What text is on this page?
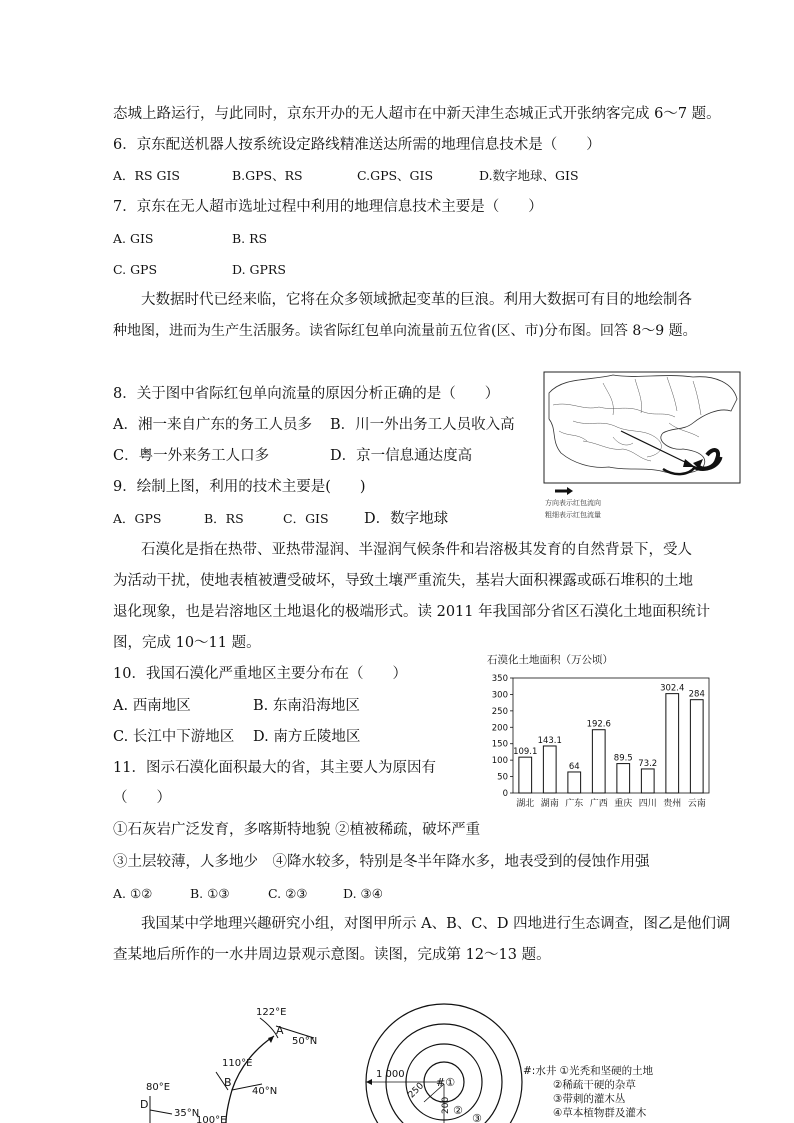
态城上路运行，与此同时，京东开办的无人超市在中新天津生态城正式开张纳客完成 6～7 题。
6．京东配送机器人按系统设定路线精准送达所需的地理信息技术是（　　）
A．RS GIS	B.GPS、RS	C.GPS、GIS	D.数字地球、GIS
7．京东在无人超市选址过程中利用的地理信息技术主要是（　　）
A. GIS	B. RS
C. GPS	D. GPRS
大数据时代已经来临，它将在众多领域掀起变革的巨浪。利用大数据可有目的地绘制各
种地图，进而为生产生活服务。读省际红包单向流量前五位省(区、市)分布图。回答 8～9 题。
8．关于图中省际红包单向流量的原因分析正确的是（　　）
A．湘一来自广东的务工人员多 B．川一外出务工人员收入高
C．粤一外来务工人口多	D．京一信息通达度高
9．绘制上图，利用的技术主要是(　　)
A．GPS	B．RS	C．GIS D．数字地球
石漠化是指在热带、亚热带湿润、半湿润气候条件和岩溶极其发育的自然背景下，受人
为活动干扰，使地表植被遭受破坏，导致土壤严重流失，基岩大面积裸露或砾石堆积的土地
退化现象，也是岩溶地区土地退化的极端形式。读 2011 年我国部分省区石漠化土地面积统计
图，完成 10～11 题。
10．我国石漠化严重地区主要分布在（　　）
A. 西南地区	B. 东南沿海地区
C. 长江中下游地区 D. 南方丘陵地区
11．图示石漠化面积最大的省，其主要人为原因有
（　　）
①石灰岩广泛发育，多喀斯特地貌 ②植被稀疏，破坏严重
③土层较薄，人多地少　④降水较多，特别是冬半年降水多，地表受到的侵蚀作用强
A. ①②	B. ①③	C. ②③	D. ③④
我国某中学地理兴趣研究小组，对图甲所示 A、B、C、D 四地进行生态调查，图乙是他们调
查某地后所作的一水井周边景观示意图。读图，完成第 12～13 题。
方向表示红包流向
粗细表示红包流量
石漠化土地面积（万公顷）
0
50
100
150
200
250
300
350
109.1
湖北
143.1
湖南
64
广东
192.6
广西
89.5
重庆
73.2
四川
302.4
贵州
284
云南
122°E
A
50°N
110°E
B
40°N
80°E
D
35°N
100°E
1 000
250
200
#①
②
③
#:水井 ①光秃和坚硬的土地
②稀疏干硬的杂草
③带刺的灌木丛
④草本植物群及灌木
